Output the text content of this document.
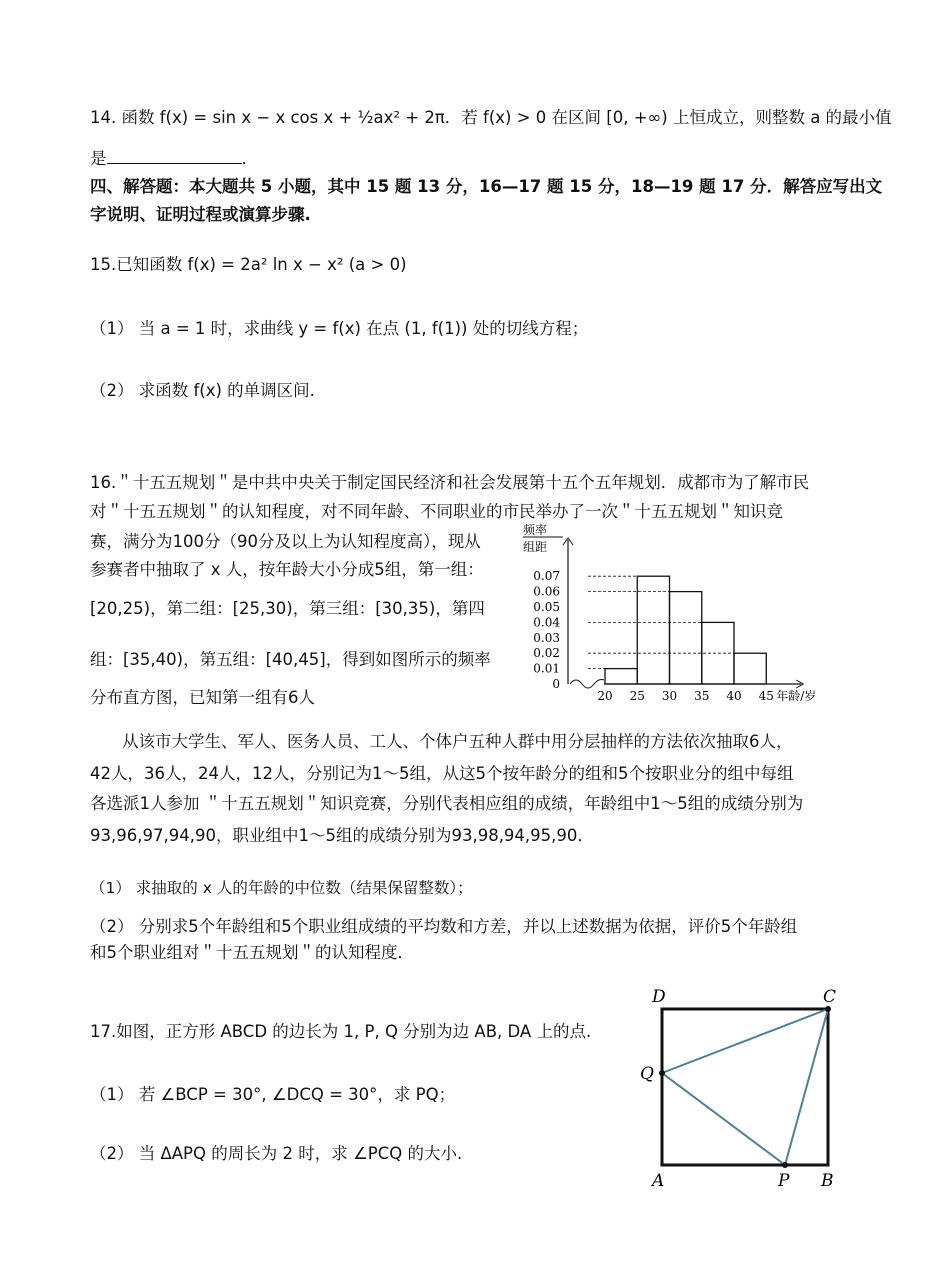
14. 函数 f(x) = sin x − x cos x + ½ax² + 2π．若 f(x) > 0 在区间 [0, +∞) 上恒成立，则整数 a 的最小值
是	.
四、解答题：本大题共 5 小题，其中 15 题 13 分，16—17 题 15 分，18—19 题 17 分．解答应写出文
字说明、证明过程或演算步骤.
15.已知函数 f(x) = 2a² ln x − x² (a > 0)
（1） 当 a = 1 时，求曲线 y = f(x) 在点 (1, f(1)) 处的切线方程；
（2） 求函数 f(x) 的单调区间.
16.＂十五五规划＂是中共中央关于制定国民经济和社会发展第十五个五年规划．成都市为了解市民
对＂十五五规划＂的认知程度，对不同年龄、不同职业的市民举办了一次＂十五五规划＂知识竞
赛，满分为100分（90分及以上为认知程度高），现从
参赛者中抽取了 x 人，按年龄大小分成5组，第一组：
[20,25)，第二组：[25,30)，第三组：[30,35)，第四
组：[35,40)，第五组：[40,45]，得到如图所示的频率
分布直方图，已知第一组有6人
频率
组距
0
0.01
0.02
0.03
0.04
0.05
0.06
0.07
20 25 30 35 40 45 年龄/岁
从该市大学生、军人、医务人员、工人、个体户五种人群中用分层抽样的方法依次抽取6人，
42人，36人，24人，12人，分别记为1～5组，从这5个按年龄分的组和5个按职业分的组中每组
各选派1人参加 ＂十五五规划＂知识竞赛，分别代表相应组的成绩，年龄组中1～5组的成绩分别为
93,96,97,94,90，职业组中1～5组的成绩分别为93,98,94,95,90．
（1） 求抽取的 x 人的年龄的中位数（结果保留整数）；
（2） 分别求5个年龄组和5个职业组成绩的平均数和方差，并以上述数据为依据，评价5个年龄组
和5个职业组对＂十五五规划＂的认知程度．
17.如图，正方形 ABCD 的边长为 1, P, Q 分别为边 AB, DA 上的点.
（1） 若 ∠BCP = 30°, ∠DCQ = 30°，求 PQ；
（2） 当 ΔAPQ 的周长为 2 时，求 ∠PCQ 的大小.
D	C
Q
A	P B
